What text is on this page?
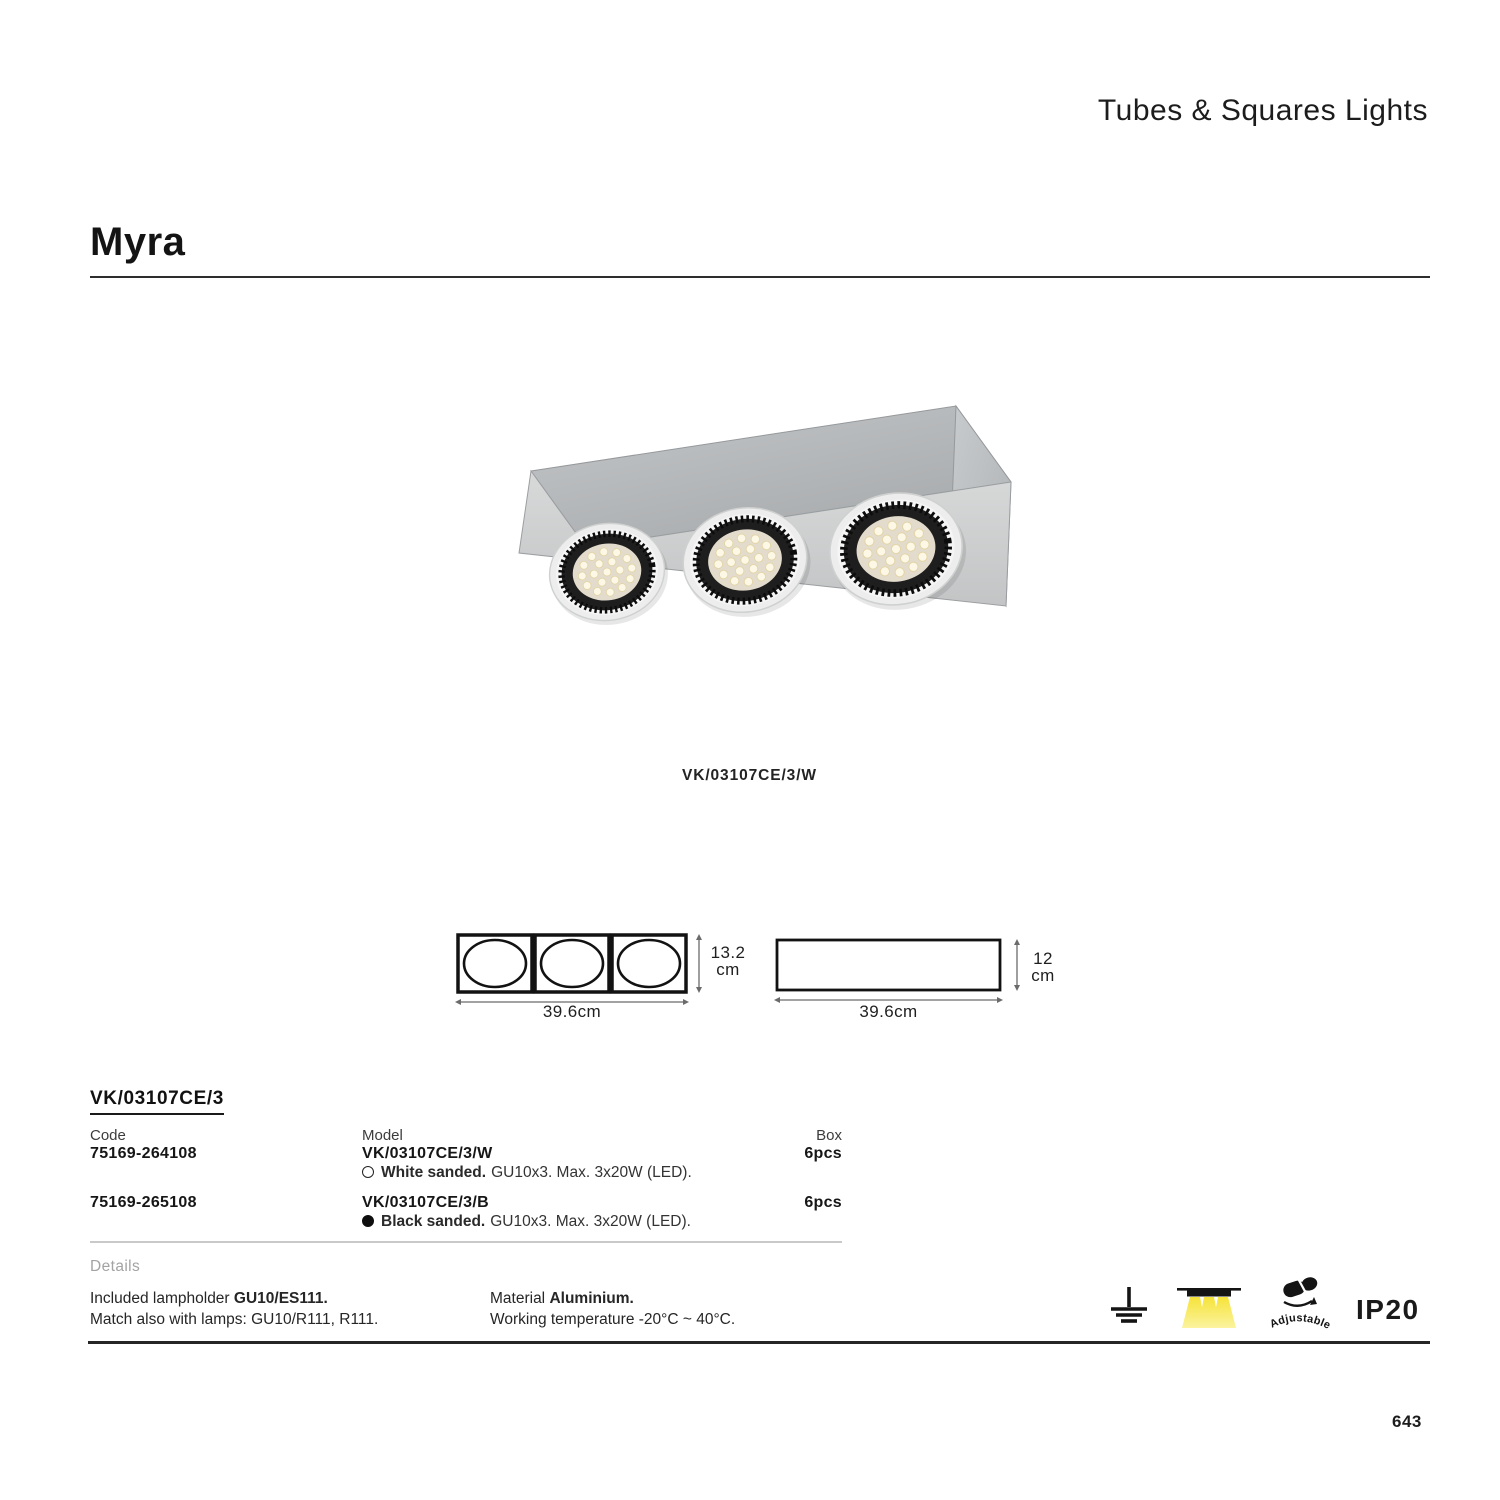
Tubes & Squares Lights
Myra
VK/03107CE/3/W
13.2
cm
39.6cm
12
cm
39.6cm
VK/03107CE/3
Code	Model	Box
75169-264108	VK/03107CE/3/W	6pcs
White sanded. GU10x3. Max. 3x20W (LED).
75169-265108	VK/03107CE/3/B	6pcs
Black sanded. GU10x3. Max. 3x20W (LED).
Details
Included lampholder GU10/ES111.
Match also with lamps: GU10/R111, R111.
Material Aluminium.
Working temperature -20°C ~ 40°C.	Adjustable
IP20
643
